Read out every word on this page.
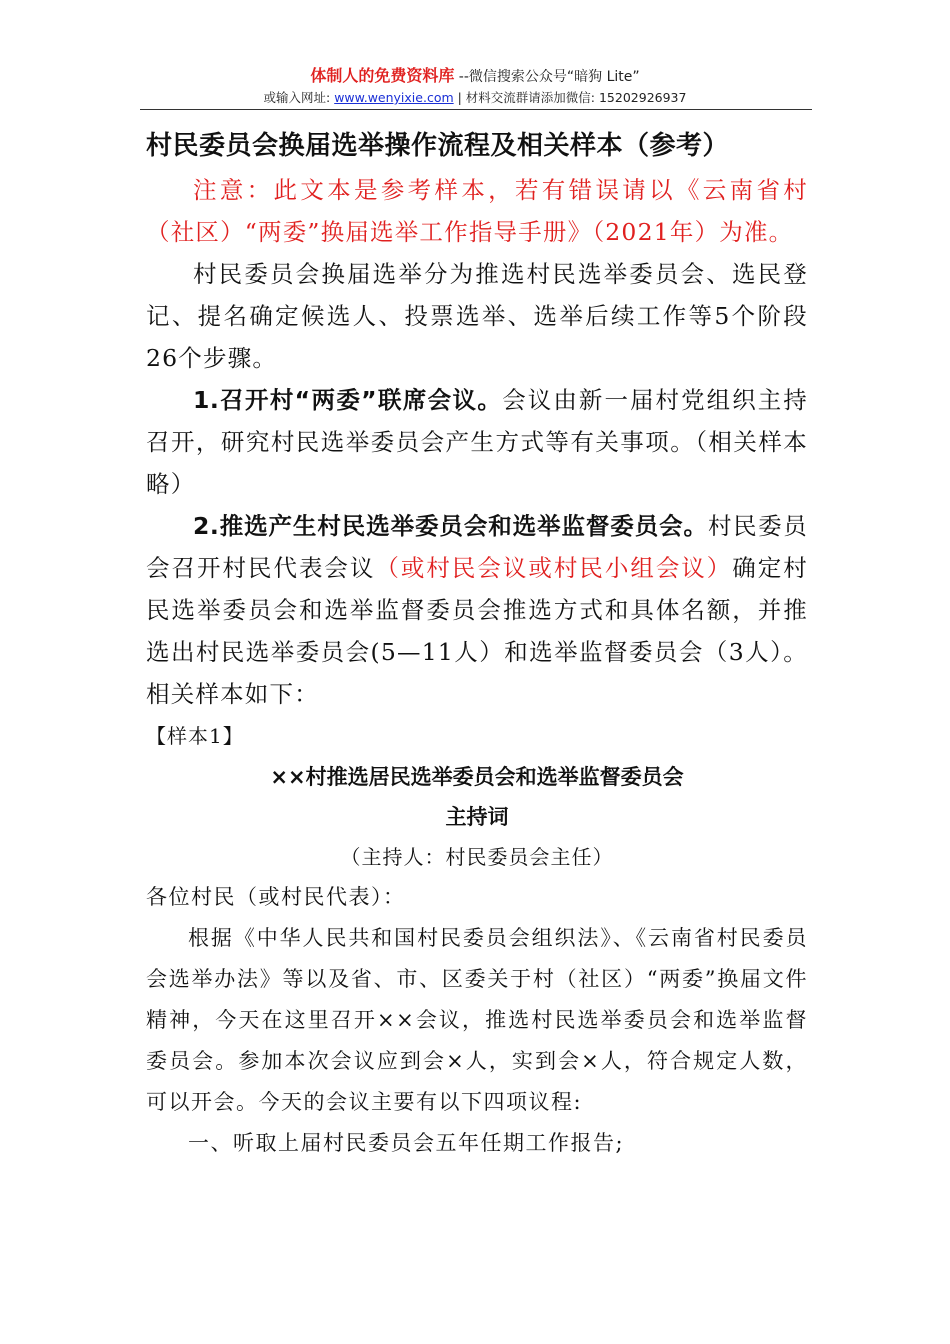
体制人的免费资料库 --微信搜索公众号“暗狗 Lite”
或输入网址: www.wenyixie.com | 材料交流群请添加微信: 15202926937
村民委员会换届选举操作流程及相关样本（参考）

注意：此文本是参考样本，若有错误请以《云南省村（社区）“两委”换届选举工作指导手册》（2021年）为准。

村民委员会换届选举分为推选村民选举委员会、选民登记、提名确定候选人、投票选举、选举后续工作等5个阶段26个步骤。

1.召开村“两委”联席会议。会议由新一届村党组织主持召开，研究村民选举委员会产生方式等有关事项。（相关样本略）

2.推选产生村民选举委员会和选举监督委员会。村民委员会召开村民代表会议（或村民会议或村民小组会议）确定村民选举委员会和选举监督委员会推选方式和具体名额，并推选出村民选举委员会(5—11人）和选举监督委员会（3人）。相关样本如下：

【样本1】

××村推选居民选举委员会和选举监督委员会

主持词

（主持人：村民委员会主任）

各位村民（或村民代表）：

根据《中华人民共和国村民委员会组织法》、《云南省村民委员会选举办法》等以及省、市、区委关于村（社区）“两委”换届文件精神，今天在这里召开××会议，推选村民选举委员会和选举监督委员会。参加本次会议应到会×人，实到会×人，符合规定人数，可以开会。今天的会议主要有以下四项议程:

一、听取上届村民委员会五年任期工作报告;
